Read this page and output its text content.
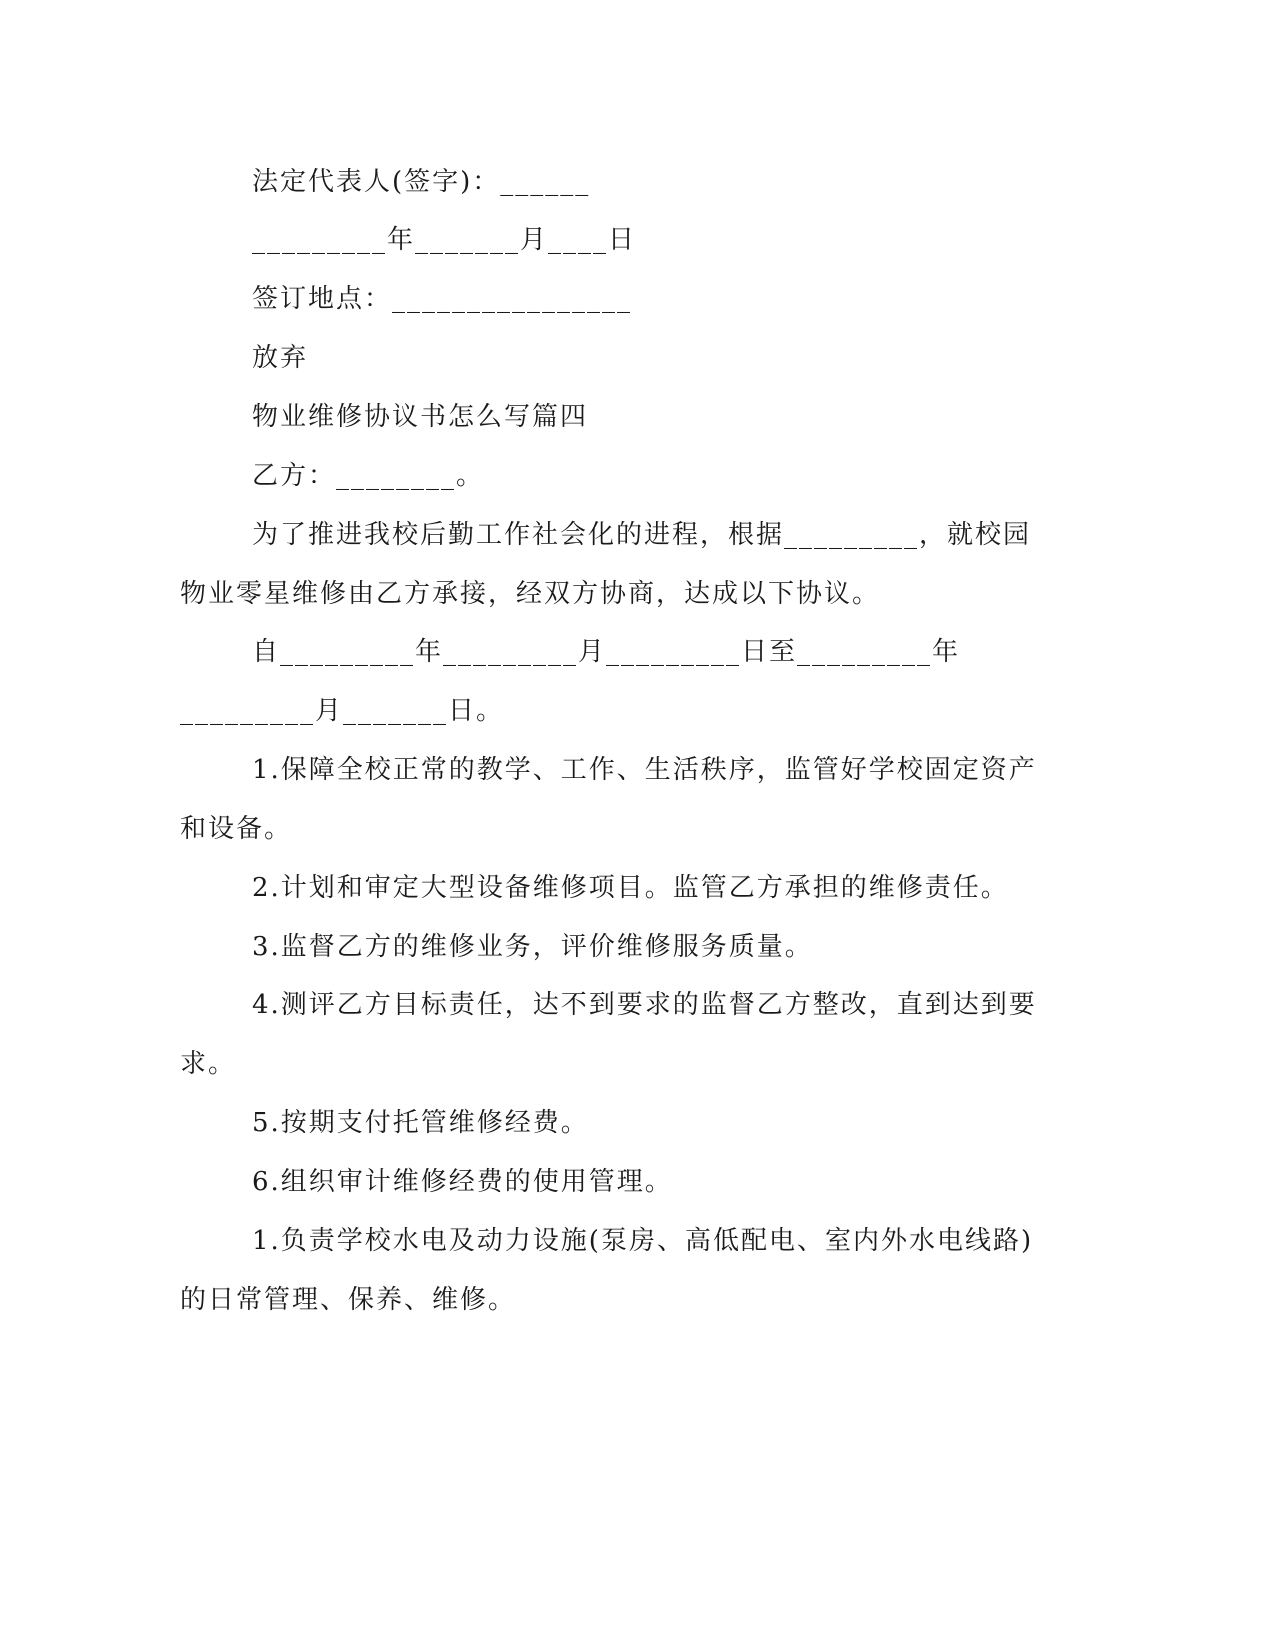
法定代表人(签字)：______
_________年_______月____日
签订地点：________________
放弃
物业维修协议书怎么写篇四
乙方：________。
为了推进我校后勤工作社会化的进程，根据_________，就校园
物业零星维修由乙方承接，经双方协商，达成以下协议。
自_________年_________月_________日至_________年
_________月_______日。
1.保障全校正常的教学、工作、生活秩序，监管好学校固定资产
和设备。
2.计划和审定大型设备维修项目。监管乙方承担的维修责任。
3.监督乙方的维修业务，评价维修服务质量。
4.测评乙方目标责任，达不到要求的监督乙方整改，直到达到要
求。
5.按期支付托管维修经费。
6.组织审计维修经费的使用管理。
1.负责学校水电及动力设施(泵房、高低配电、室内外水电线路)
的日常管理、保养、维修。
